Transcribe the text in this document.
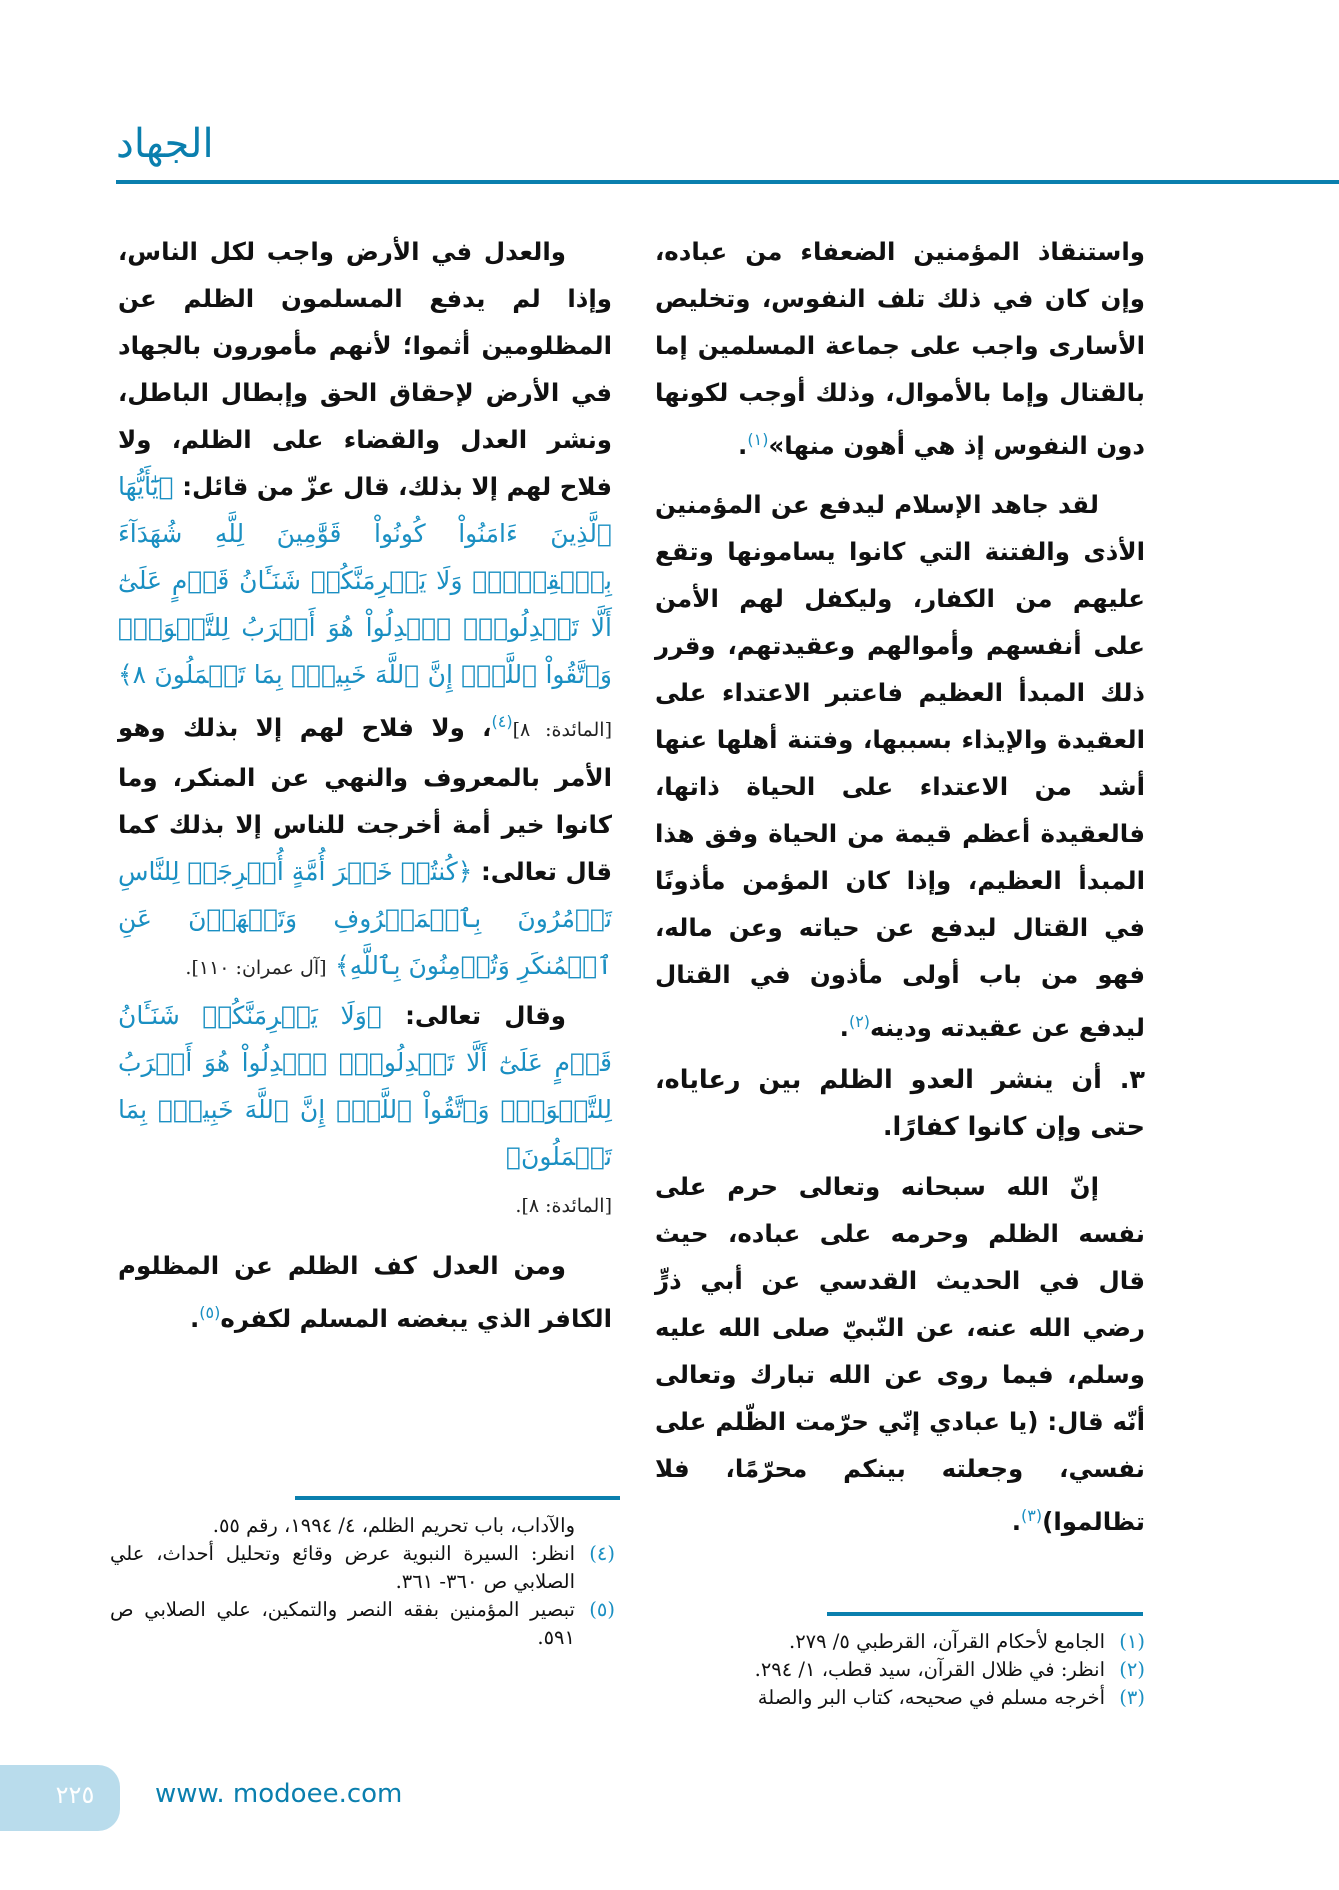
الجهاد

واستنقاذ المؤمنين الضعفاء من عباده، وإن كان في ذلك تلف النفوس، وتخليص الأسارى واجب على جماعة المسلمين إما بالقتال وإما بالأموال، وذلك أوجب لكونها دون النفوس إذ هي أهون منها»$^{(١)}$.

لقد جاهد الإسلام ليدفع عن المؤمنين الأذى والفتنة التي كانوا يسامونها وتقع عليهم من الكفار، وليكفل لهم الأمن على أنفسهم وأموالهم وعقيدتهم، وقرر ذلك المبدأ العظيم فاعتبر الاعتداء على العقيدة والإيذاء بسببها، وفتنة أهلها عنها أشد من الاعتداء على الحياة ذاتها، فالعقيدة أعظم قيمة من الحياة وفق هذا المبدأ العظيم، وإذا كان المؤمن مأذونًا في القتال ليدفع عن حياته وعن ماله، فهو من باب أولى مأذون في القتال ليدفع عن عقيدته ودينه$^{(٢)}$.

٣. أن ينشر العدو الظلم بين رعاياه، حتى وإن كانوا كفارًا.

إنّ الله سبحانه وتعالى حرم على نفسه الظلم وحرمه على عباده، حيث قال في الحديث القدسي عن أبي ذرٍّ رضي الله عنه، عن النّبيّ صلى الله عليه وسلم، فيما روى عن الله تبارك وتعالى أنّه قال: (يا عبادي إنّي حرّمت الظّلم على نفسي، وجعلته بينكم محرّمًا، فلا تظالموا)$^{(٣)}$.

والعدل في الأرض واجب لكل الناس، وإذا لم يدفع المسلمون الظلم عن المظلومين أثموا؛ لأنهم مأمورون بالجهاد في الأرض لإحقاق الحق وإبطال الباطل، ونشر العدل والقضاء على الظلم، ولا فلاح لهم إلا بذلك، قال عزّ من قائل: ﴿يَٰٓأَيُّهَا ٱلَّذِينَ ءَامَنُواْ كُونُواْ قَوَّٰمِينَ لِلَّهِ شُهَدَآءَ بِٱلۡقِسۡطِۖ وَلَا يَجۡرِمَنَّكُمۡ شَنَـَٔانُ قَوۡمٍ عَلَىٰٓ أَلَّا تَعۡدِلُواْۚ ٱعۡدِلُواْ هُوَ أَقۡرَبُ لِلتَّقۡوَىٰۖ وَٱتَّقُواْ ٱللَّهَۚ إِنَّ ٱللَّهَ خَبِيرُۢ بِمَا تَعۡمَلُونَ ٨﴾ [المائدة: ٨]$^{(٤)}$، ولا فلاح لهم إلا بذلك وهو الأمر بالمعروف والنهي عن المنكر، وما كانوا خير أمة أخرجت للناس إلا بذلك كما قال تعالى: ﴿كُنتُمۡ خَيۡرَ أُمَّةٍ أُخۡرِجَتۡ لِلنَّاسِ تَأۡمُرُونَ بِٱلۡمَعۡرُوفِ وَتَنۡهَوۡنَ عَنِ ٱلۡمُنكَرِ وَتُؤۡمِنُونَ بِٱللَّهِ﴾ [آل عمران: ١١٠].

وقال تعالى: ﴿وَلَا يَجۡرِمَنَّكُمۡ شَنَـَٔانُ قَوۡمٍ عَلَىٰٓ أَلَّا تَعۡدِلُواْۚ ٱعۡدِلُواْ هُوَ أَقۡرَبُ لِلتَّقۡوَىٰۖ وَٱتَّقُواْ ٱللَّهَۚ إِنَّ ٱللَّهَ خَبِيرُۢ بِمَا تَعۡمَلُونَ﴾
[المائدة: ٨].

ومن العدل كف الظلم عن المظلوم الكافر الذي يبغضه المسلم لكفره$^{(٥)}$.

(١)
الجامع لأحكام القرآن، القرطبي ٥/ ٢٧٩.
(٢)
انظر: في ظلال القرآن، سيد قطب، ١/ ٢٩٤.
(٣)
أخرجه مسلم في صحيحه، كتاب البر والصلة
والآداب، باب تحريم الظلم، ٤/ ١٩٩٤، رقم ٥٥.
(٤)
انظر: السيرة النبوية عرض وقائع وتحليل أحداث، علي الصلابي ص ٣٦٠- ٣٦١.
(٥)
تبصير المؤمنين بفقه النصر والتمكين، علي الصلابي ص ٥٩١.
٢٢٥	www. modoee.com
